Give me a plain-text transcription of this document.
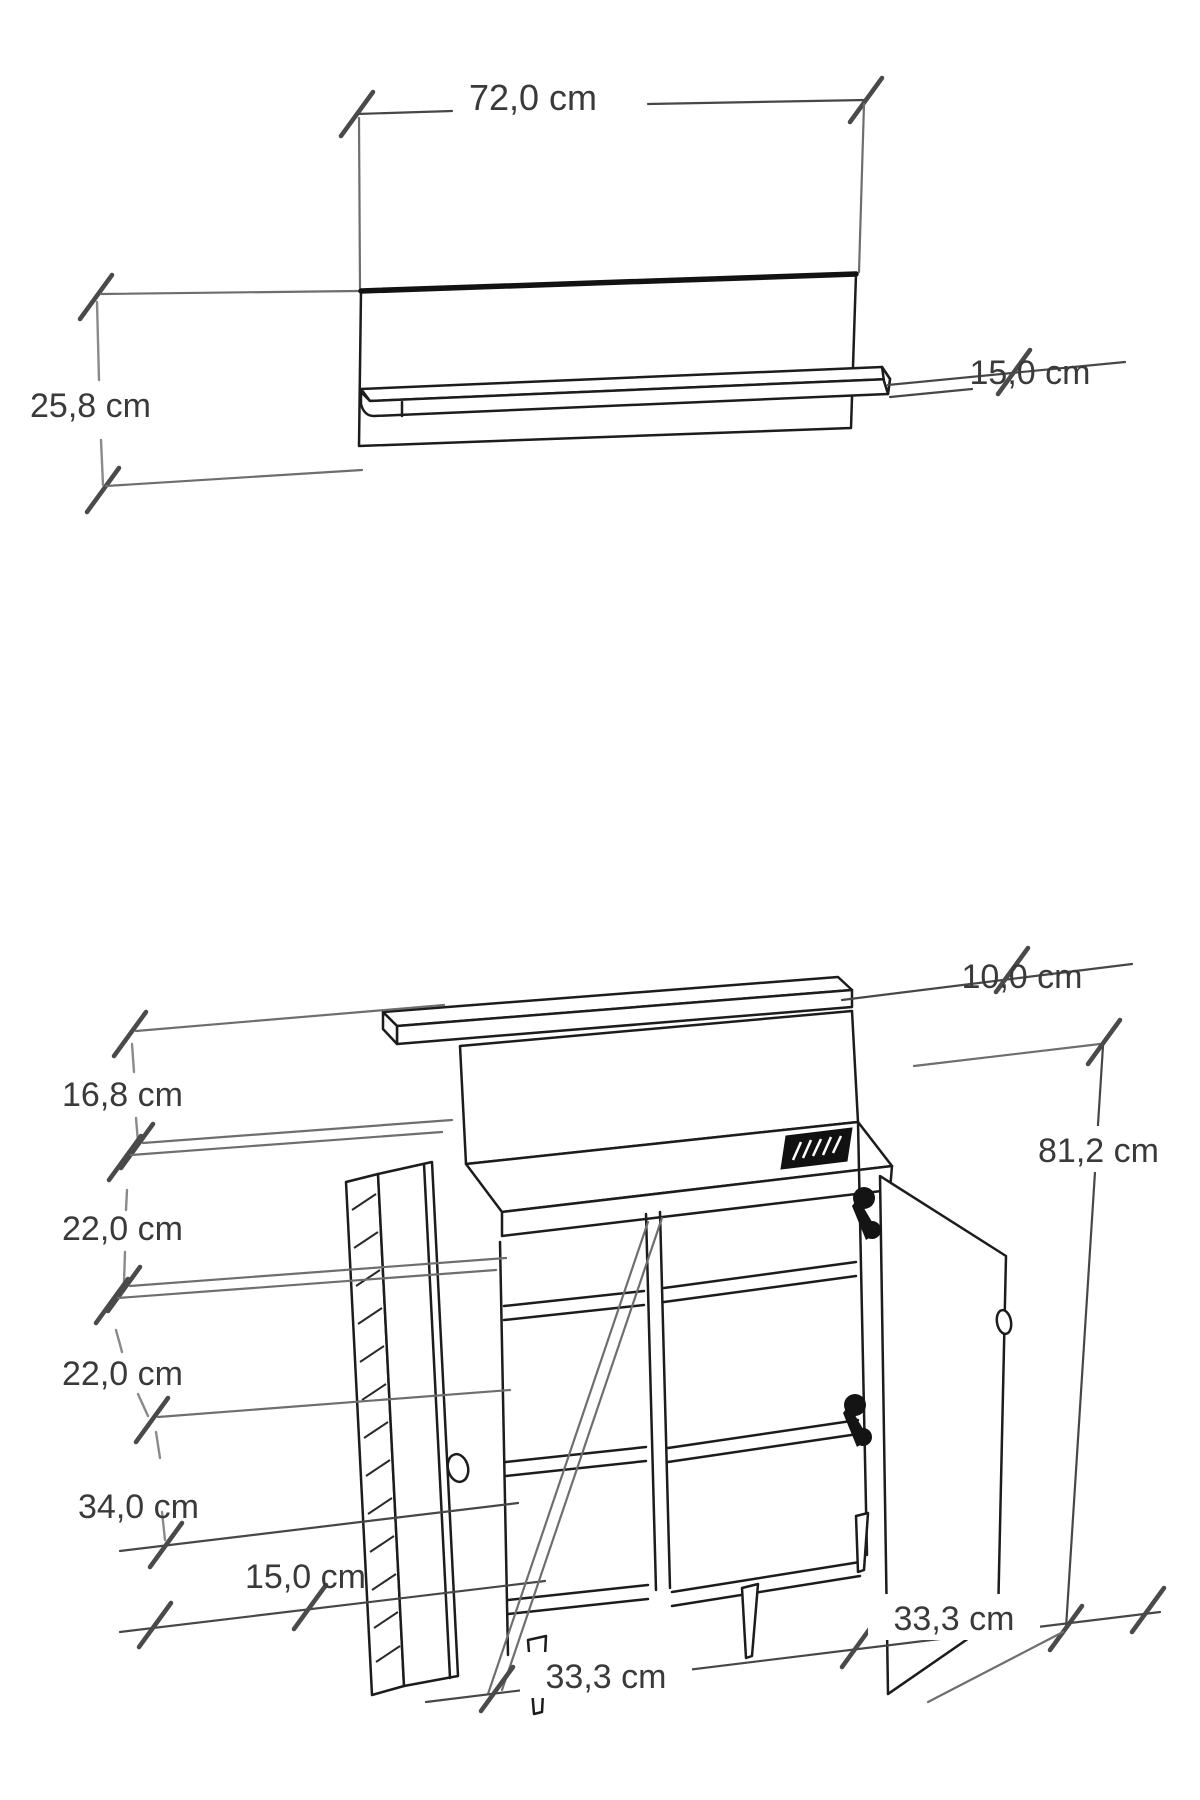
72,0 cm
25,8 cm
15,0 cm
10,0 cm
16,8 cm
22,0 cm
22,0 cm
34,0 cm
15,0 cm
81,2 cm
33,3 cm
33,3 cm
